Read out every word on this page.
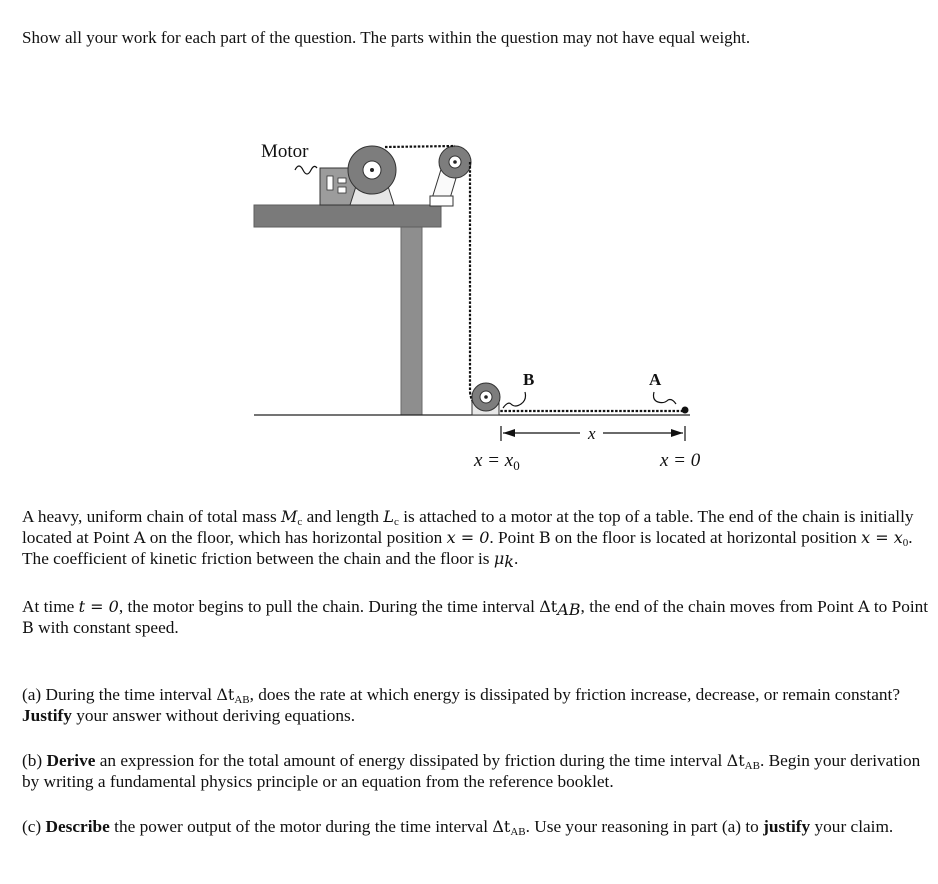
Show all your work for each part of the question. The parts within the question may not have equal weight.
Motor
B	A
x
$x = x_0$	x = 0
A heavy, uniform chain of total mass $M_c$ and length $L_c$ is attached to a motor at the top of a table. The end of the chain is initially located at Point A on the floor, which has horizontal position x = 0. Point B on the floor is located at horizontal position $x = x_0$. The coefficient of kinetic friction between the chain and the floor is $\mu_k$.
At time t = 0, the motor begins to pull the chain. During the time interval $\Delta t_{AB}$, the end of the chain moves from Point A to Point B with constant speed.
(a) During the time interval $\Delta t_{AB}$, does the rate at which energy is dissipated by friction increase, decrease, or remain constant? Justify your answer without deriving equations.
(b) Derive an expression for the total amount of energy dissipated by friction during the time interval $\Delta t_{AB}$. Begin your derivation by writing a fundamental physics principle or an equation from the reference booklet.
(c) Describe the power output of the motor during the time interval $\Delta t_{AB}$. Use your reasoning in part (a) to justify your claim.
